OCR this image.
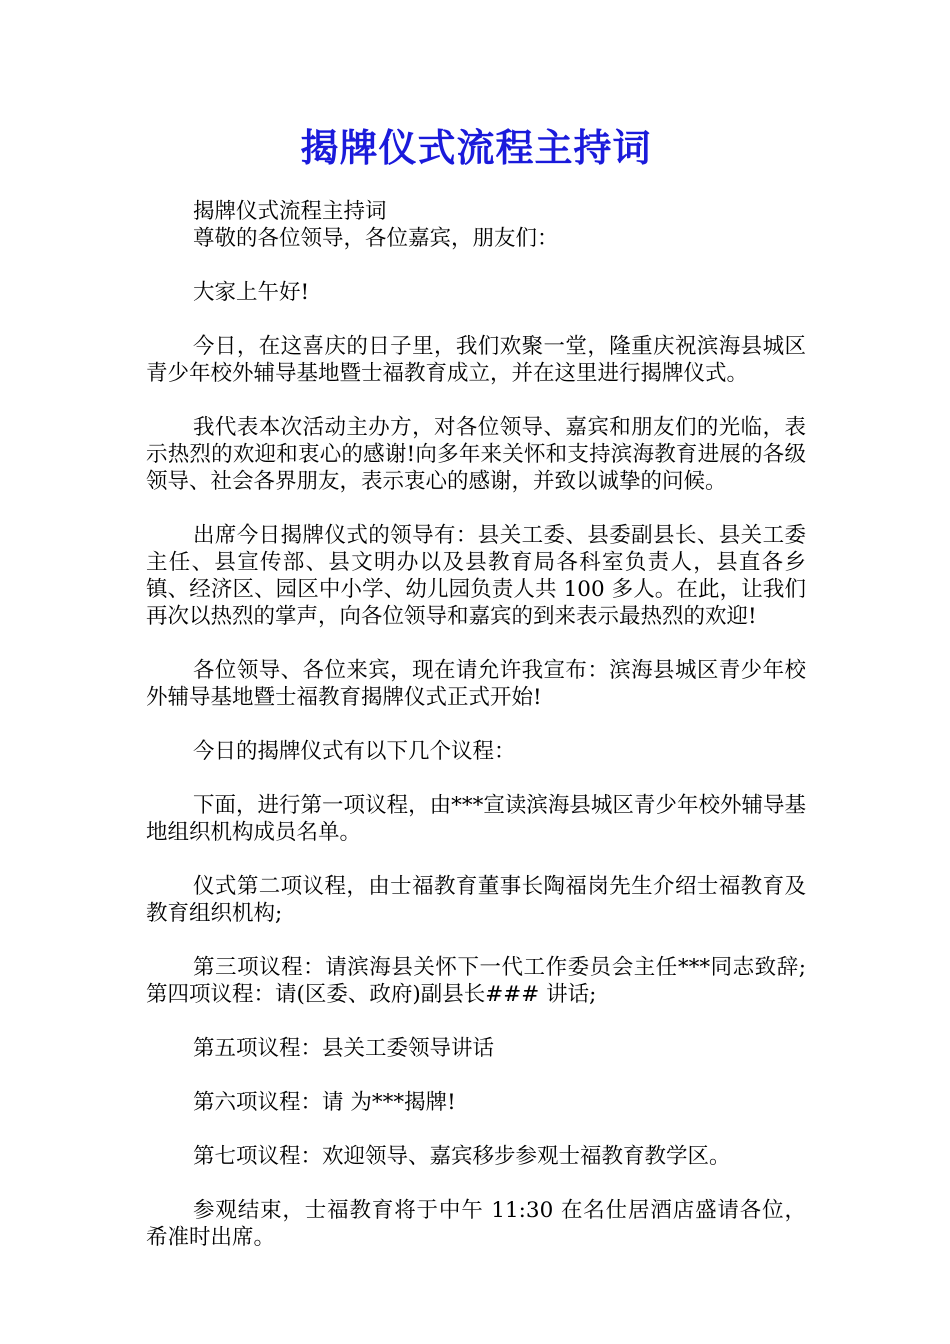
揭牌仪式流程主持词

揭牌仪式流程主持词

尊敬的各位领导，各位嘉宾，朋友们：

大家上午好!

今日，在这喜庆的日子里，我们欢聚一堂，隆重庆祝滨海县城区青少年校外辅导基地暨士福教育成立，并在这里进行揭牌仪式。

我代表本次活动主办方，对各位领导、嘉宾和朋友们的光临，表示热烈的欢迎和衷心的感谢!向多年来关怀和支持滨海教育进展的各级领导、社会各界朋友，表示衷心的感谢，并致以诚挚的问候。

出席今日揭牌仪式的领导有：县关工委、县委副县长、县关工委主任、县宣传部、县文明办以及县教育局各科室负责人，县直各乡镇、经济区、园区中小学、幼儿园负责人共 100 多人。在此，让我们再次以热烈的掌声，向各位领导和嘉宾的到来表示最热烈的欢迎!

各位领导、各位来宾，现在请允许我宣布：滨海县城区青少年校外辅导基地暨士福教育揭牌仪式正式开始!

今日的揭牌仪式有以下几个议程：

下面，进行第一项议程，由***宣读滨海县城区青少年校外辅导基地组织机构成员名单。

仪式第二项议程，由士福教育董事长陶福岗先生介绍士福教育及教育组织机构;

第三项议程：请滨海县关怀下一代工作委员会主任***同志致辞; 第四项议程：请(区委、政府)副县长### 讲话;

第五项议程：县关工委领导讲话

第六项议程：请 为***揭牌!

第七项议程：欢迎领导、嘉宾移步参观士福教育教学区。

参观结束，士福教育将于中午 11:30 在名仕居酒店盛请各位，希准时出席。
